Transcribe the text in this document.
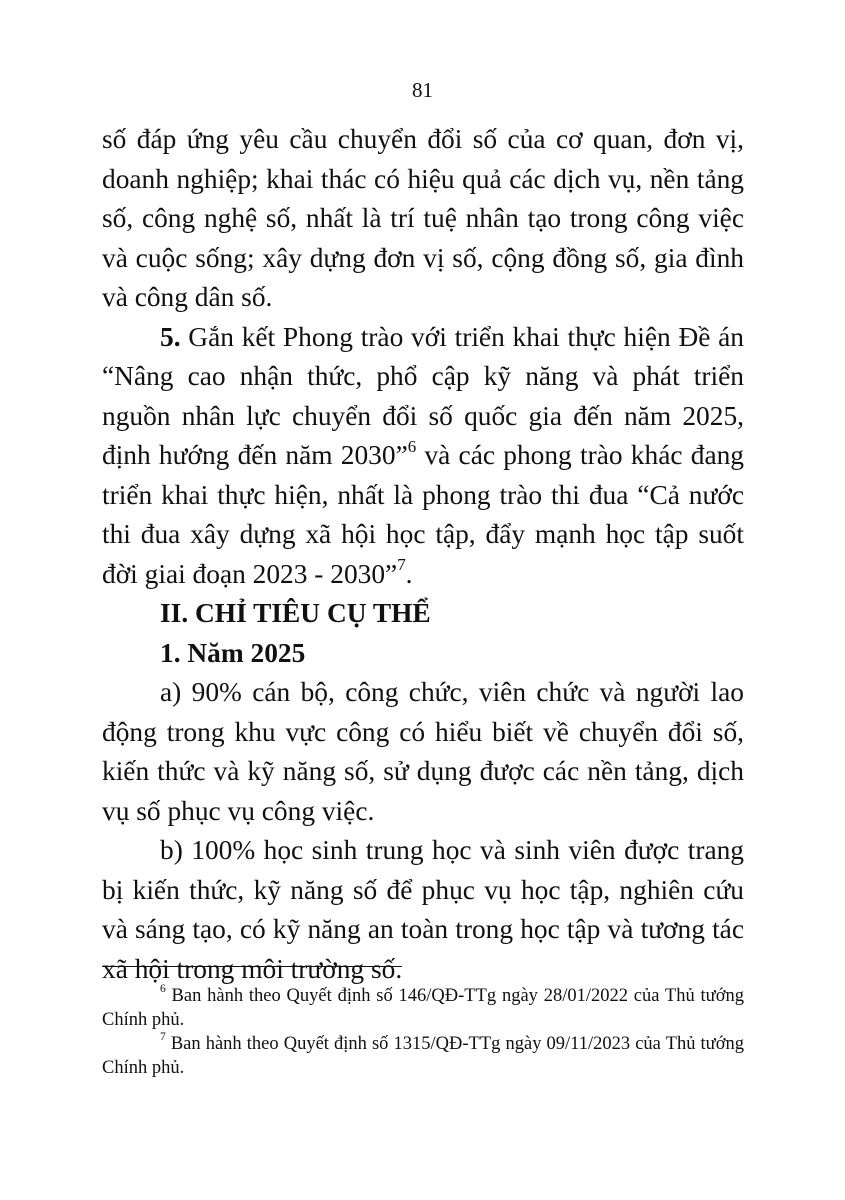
81

số đáp ứng yêu cầu chuyển đổi số của cơ quan, đơn vị, doanh nghiệp; khai thác có hiệu quả các dịch vụ, nền tảng số, công nghệ số, nhất là trí tuệ nhân tạo trong công việc và cuộc sống; xây dựng đơn vị số, cộng đồng số, gia đình và công dân số.

5. Gắn kết Phong trào với triển khai thực hiện Đề án “Nâng cao nhận thức, phổ cập kỹ năng và phát triển nguồn nhân lực chuyển đổi số quốc gia đến năm 2025, định hướng đến năm 2030”$^6$ và các phong trào khác đang triển khai thực hiện, nhất là phong trào thi đua “Cả nước thi đua xây dựng xã hội học tập, đẩy mạnh học tập suốt đời giai đoạn 2023 - 2030”$^7$.

II. CHỈ TIÊU CỤ THỂ

1. Năm 2025

a) 90% cán bộ, công chức, viên chức và người lao động trong khu vực công có hiểu biết về chuyển đổi số, kiến thức và kỹ năng số, sử dụng được các nền tảng, dịch vụ số phục vụ công việc.

b) 100% học sinh trung học và sinh viên được trang bị kiến thức, kỹ năng số để phục vụ học tập, nghiên cứu và sáng tạo, có kỹ năng an toàn trong học tập và tương tác xã hội trong môi trường số.

$^6$ Ban hành theo Quyết định số 146/QĐ-TTg ngày 28/01/2022 của Thủ tướng Chính phủ.

$^7$ Ban hành theo Quyết định số 1315/QĐ-TTg ngày 09/11/2023 của Thủ tướng Chính phủ.
